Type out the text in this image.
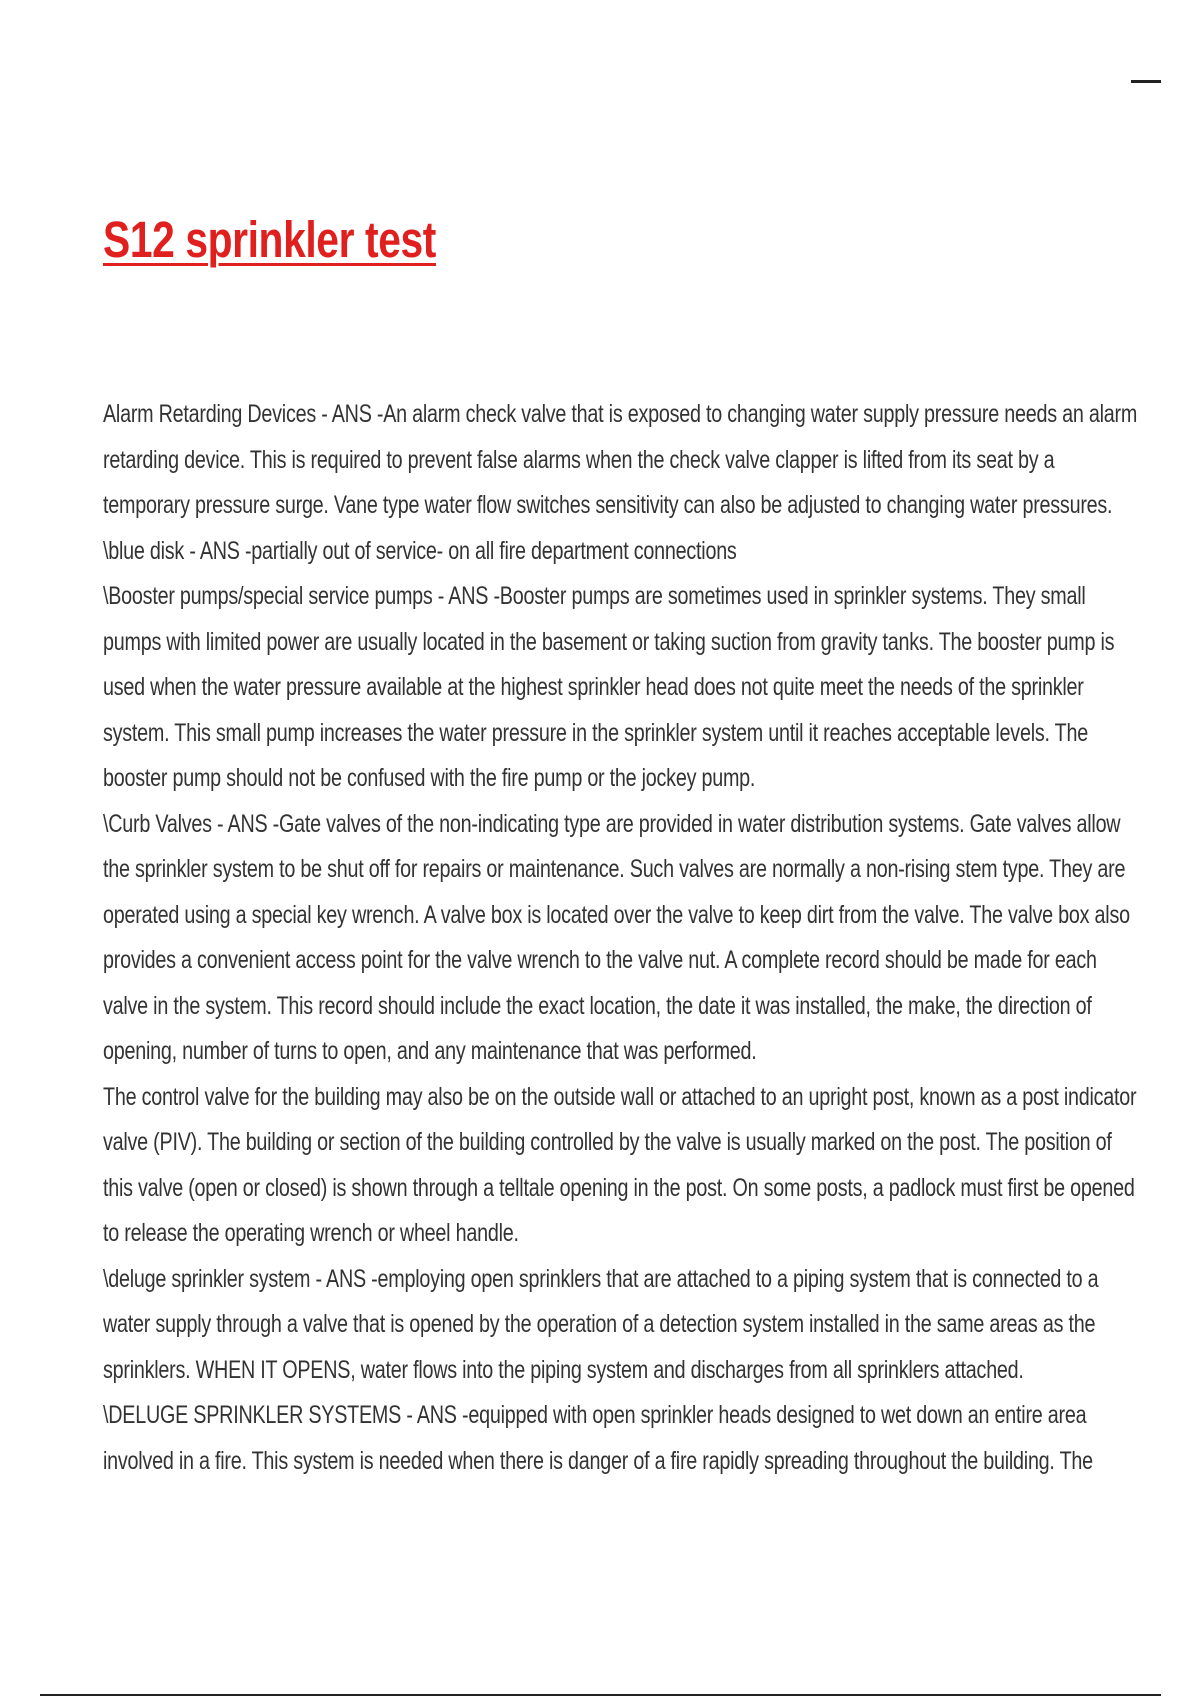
S12 sprinkler test
Alarm Retarding Devices - ANS -An alarm check valve that is exposed to changing water supply pressure needs an alarm
retarding device. This is required to prevent false alarms when the check valve clapper is lifted from its seat by a
temporary pressure surge. Vane type water flow switches sensitivity can also be adjusted to changing water pressures.
\blue disk - ANS -partially out of service- on all fire department connections
\Booster pumps/special service pumps - ANS -Booster pumps are sometimes used in sprinkler systems. They small
pumps with limited power are usually located in the basement or taking suction from gravity tanks. The booster pump is
used when the water pressure available at the highest sprinkler head does not quite meet the needs of the sprinkler
system. This small pump increases the water pressure in the sprinkler system until it reaches acceptable levels. The
booster pump should not be confused with the fire pump or the jockey pump.
\Curb Valves - ANS -Gate valves of the non-indicating type are provided in water distribution systems. Gate valves allow
the sprinkler system to be shut off for repairs or maintenance. Such valves are normally a non-rising stem type. They are
operated using a special key wrench. A valve box is located over the valve to keep dirt from the valve. The valve box also
provides a convenient access point for the valve wrench to the valve nut. A complete record should be made for each
valve in the system. This record should include the exact location, the date it was installed, the make, the direction of
opening, number of turns to open, and any maintenance that was performed.
The control valve for the building may also be on the outside wall or attached to an upright post, known as a post indicator
valve (PIV). The building or section of the building controlled by the valve is usually marked on the post. The position of
this valve (open or closed) is shown through a telltale opening in the post. On some posts, a padlock must first be opened
to release the operating wrench or wheel handle.
\deluge sprinkler system - ANS -employing open sprinklers that are attached to a piping system that is connected to a
water supply through a valve that is opened by the operation of a detection system installed in the same areas as the
sprinklers. WHEN IT OPENS, water flows into the piping system and discharges from all sprinklers attached.
\DELUGE SPRINKLER SYSTEMS - ANS -equipped with open sprinkler heads designed to wet down an entire area
involved in a fire. This system is needed when there is danger of a fire rapidly spreading throughout the building. The
